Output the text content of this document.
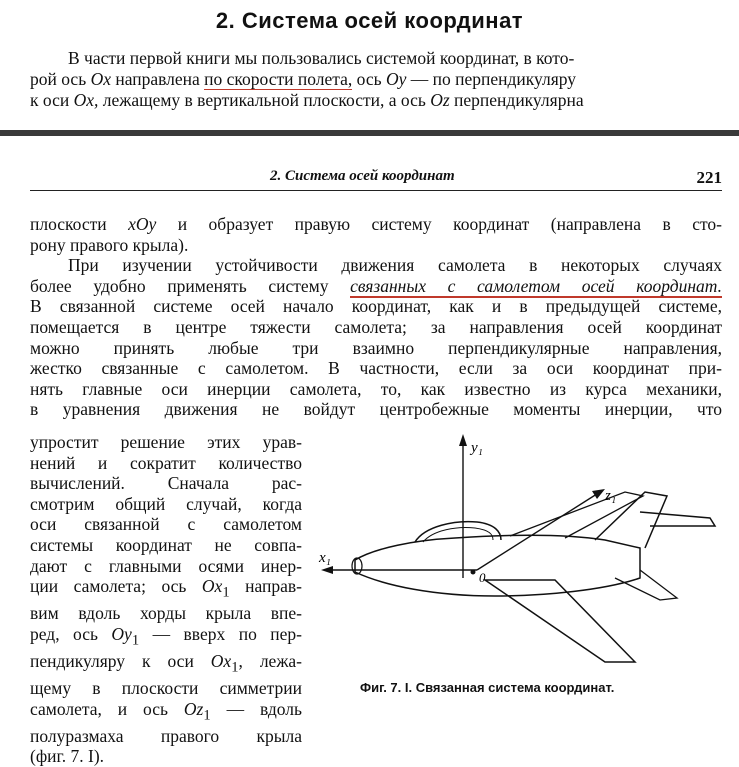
2. Система осей координат
В части первой книги мы пользовались системой координат, в кото-
рой ось Ox направлена по скорости полета, ось Oy — по перпендикуляру
к оси Ox, лежащему в вертикальной плоскости, а ось Oz перпендикулярна
2. Система осей координат	221
плоскости xOy и образует правую систему координат (направлена в сто-
рону правого крыла).
При изучении устойчивости движения самолета в некоторых случаях
более удобно применять систему связанных с самолетом осей координат.
В связанной системе осей начало координат, как и в предыдущей системе,
помещается в центре тяжести самолета; за направления осей координат
можно принять любые три взаимно перпендикулярные направления,
жестко связанные с самолетом. В частности, если за оси координат при-
нять главные оси инерции самолета, то, как известно из курса механики,
в уравнения движения не войдут центробежные моменты инерции, что
упростит решение этих урав-
нений и сократит количество
вычислений. Сначала рас-
смотрим общий случай, когда
оси связанной с самолетом
системы координат не совпа-
дают с главными осями инер-
ции самолета; ось $Ox_1$ направ-
вим вдоль хорды крыла впе-
ред, ось $Oy_1$ — вверх по пер-
пендикуляру к оси $Ox_1$, лежа-
щему в плоскости симметрии
самолета, и ось $Oz_1$ — вдоль
полуразмаха правого крыла
(фиг. 7. I).
y₁
z₁
x₁
0
Фиг. 7. I. Связанная система координат.
